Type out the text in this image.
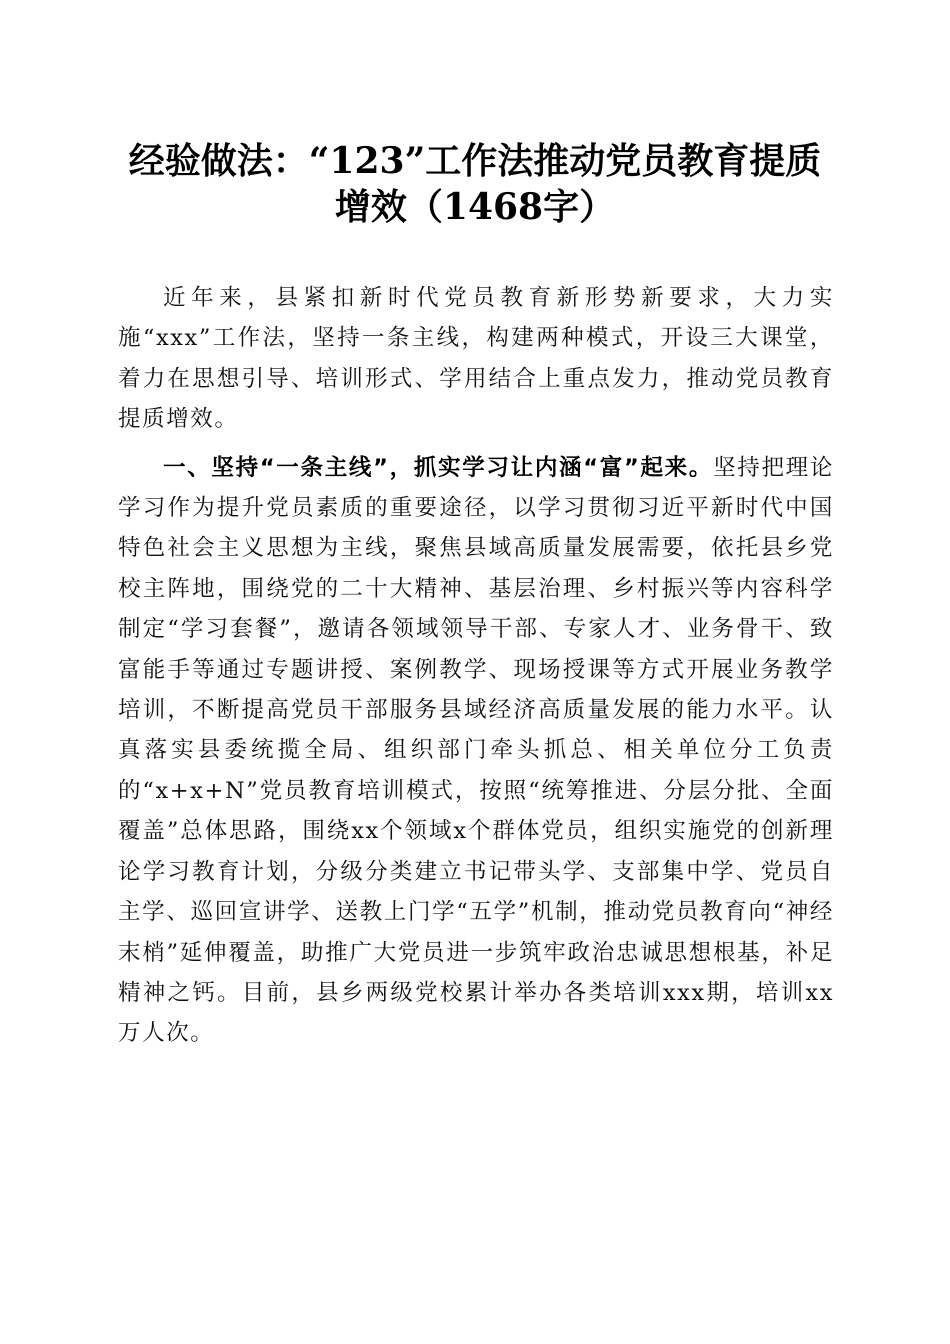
经验做法：“123”工作法推动党员教育提质
增效（1468字）

近年来，县紧扣新时代党员教育新形势新要求，大力实施“xxx”工作法，坚持一条主线，构建两种模式，开设三大课堂，着力在思想引导、培训形式、学用结合上重点发力，推动党员教育提质增效。

一、坚持“一条主线”，抓实学习让内涵“富”起来。坚持把理论学习作为提升党员素质的重要途径，以学习贯彻习近平新时代中国特色社会主义思想为主线，聚焦县域高质量发展需要，依托县乡党校主阵地，围绕党的二十大精神、基层治理、乡村振兴等内容科学制定“学习套餐”，邀请各领域领导干部、专家人才、业务骨干、致富能手等通过专题讲授、案例教学、现场授课等方式开展业务教学培训，不断提高党员干部服务县域经济高质量发展的能力水平。认真落实县委统揽全局、组织部门牵头抓总、相关单位分工负责的“x+x+N”党员教育培训模式，按照“统筹推进、分层分批、全面覆盖”总体思路，围绕xx个领域x个群体党员，组织实施党的创新理论学习教育计划，分级分类建立书记带头学、支部集中学、党员自主学、巡回宣讲学、送教上门学“五学”机制，推动党员教育向“神经末梢”延伸覆盖，助推广大党员进一步筑牢政治忠诚思想根基，补足精神之钙。目前，县乡两级党校累计举办各类培训xxx期，培训xx万人次。
